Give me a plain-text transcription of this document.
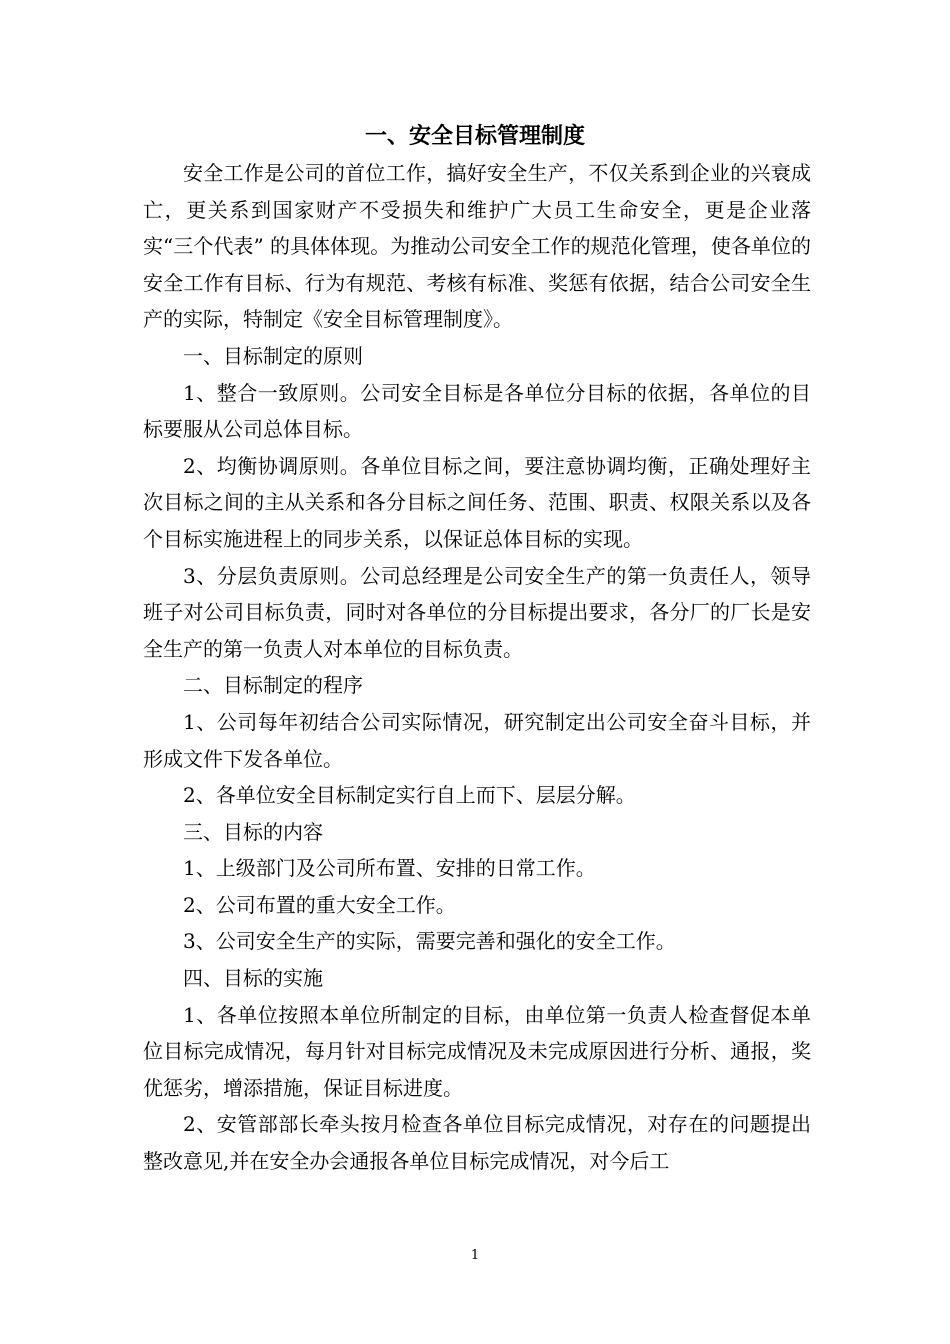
一、安全目标管理制度

安全工作是公司的首位工作，搞好安全生产，不仅关系到企业的兴衰成亡，更关系到国家财产不受损失和维护广大员工生命安全，更是企业落实“三个代表” 的具体体现。为推动公司安全工作的规范化管理，使各单位的安全工作有目标、行为有规范、考核有标准、奖惩有依据，结合公司安全生产的实际，特制定《安全目标管理制度》。

一、目标制定的原则

1、整合一致原则。公司安全目标是各单位分目标的依据，各单位的目标要服从公司总体目标。

2、均衡协调原则。各单位目标之间，要注意协调均衡，正确处理好主次目标之间的主从关系和各分目标之间任务、范围、职责、权限关系以及各个目标实施进程上的同步关系，以保证总体目标的实现。

3、分层负责原则。公司总经理是公司安全生产的第一负责任人，领导班子对公司目标负责，同时对各单位的分目标提出要求，各分厂的厂长是安全生产的第一负责人对本单位的目标负责。

二、目标制定的程序

1、公司每年初结合公司实际情况，研究制定出公司安全奋斗目标，并形成文件下发各单位。

2、各单位安全目标制定实行自上而下、层层分解。

三、目标的内容

1、上级部门及公司所布置、安排的日常工作。

2、公司布置的重大安全工作。

3、公司安全生产的实际，需要完善和强化的安全工作。

四、目标的实施

1、各单位按照本单位所制定的目标，由单位第一负责人检查督促本单位目标完成情况，每月针对目标完成情况及未完成原因进行分析、通报，奖优惩劣，增添措施，保证目标进度。

2、安管部部长牵头按月检查各单位目标完成情况，对存在的问题提出整改意见,并在安全办会通报各单位目标完成情况，对今后工

1
